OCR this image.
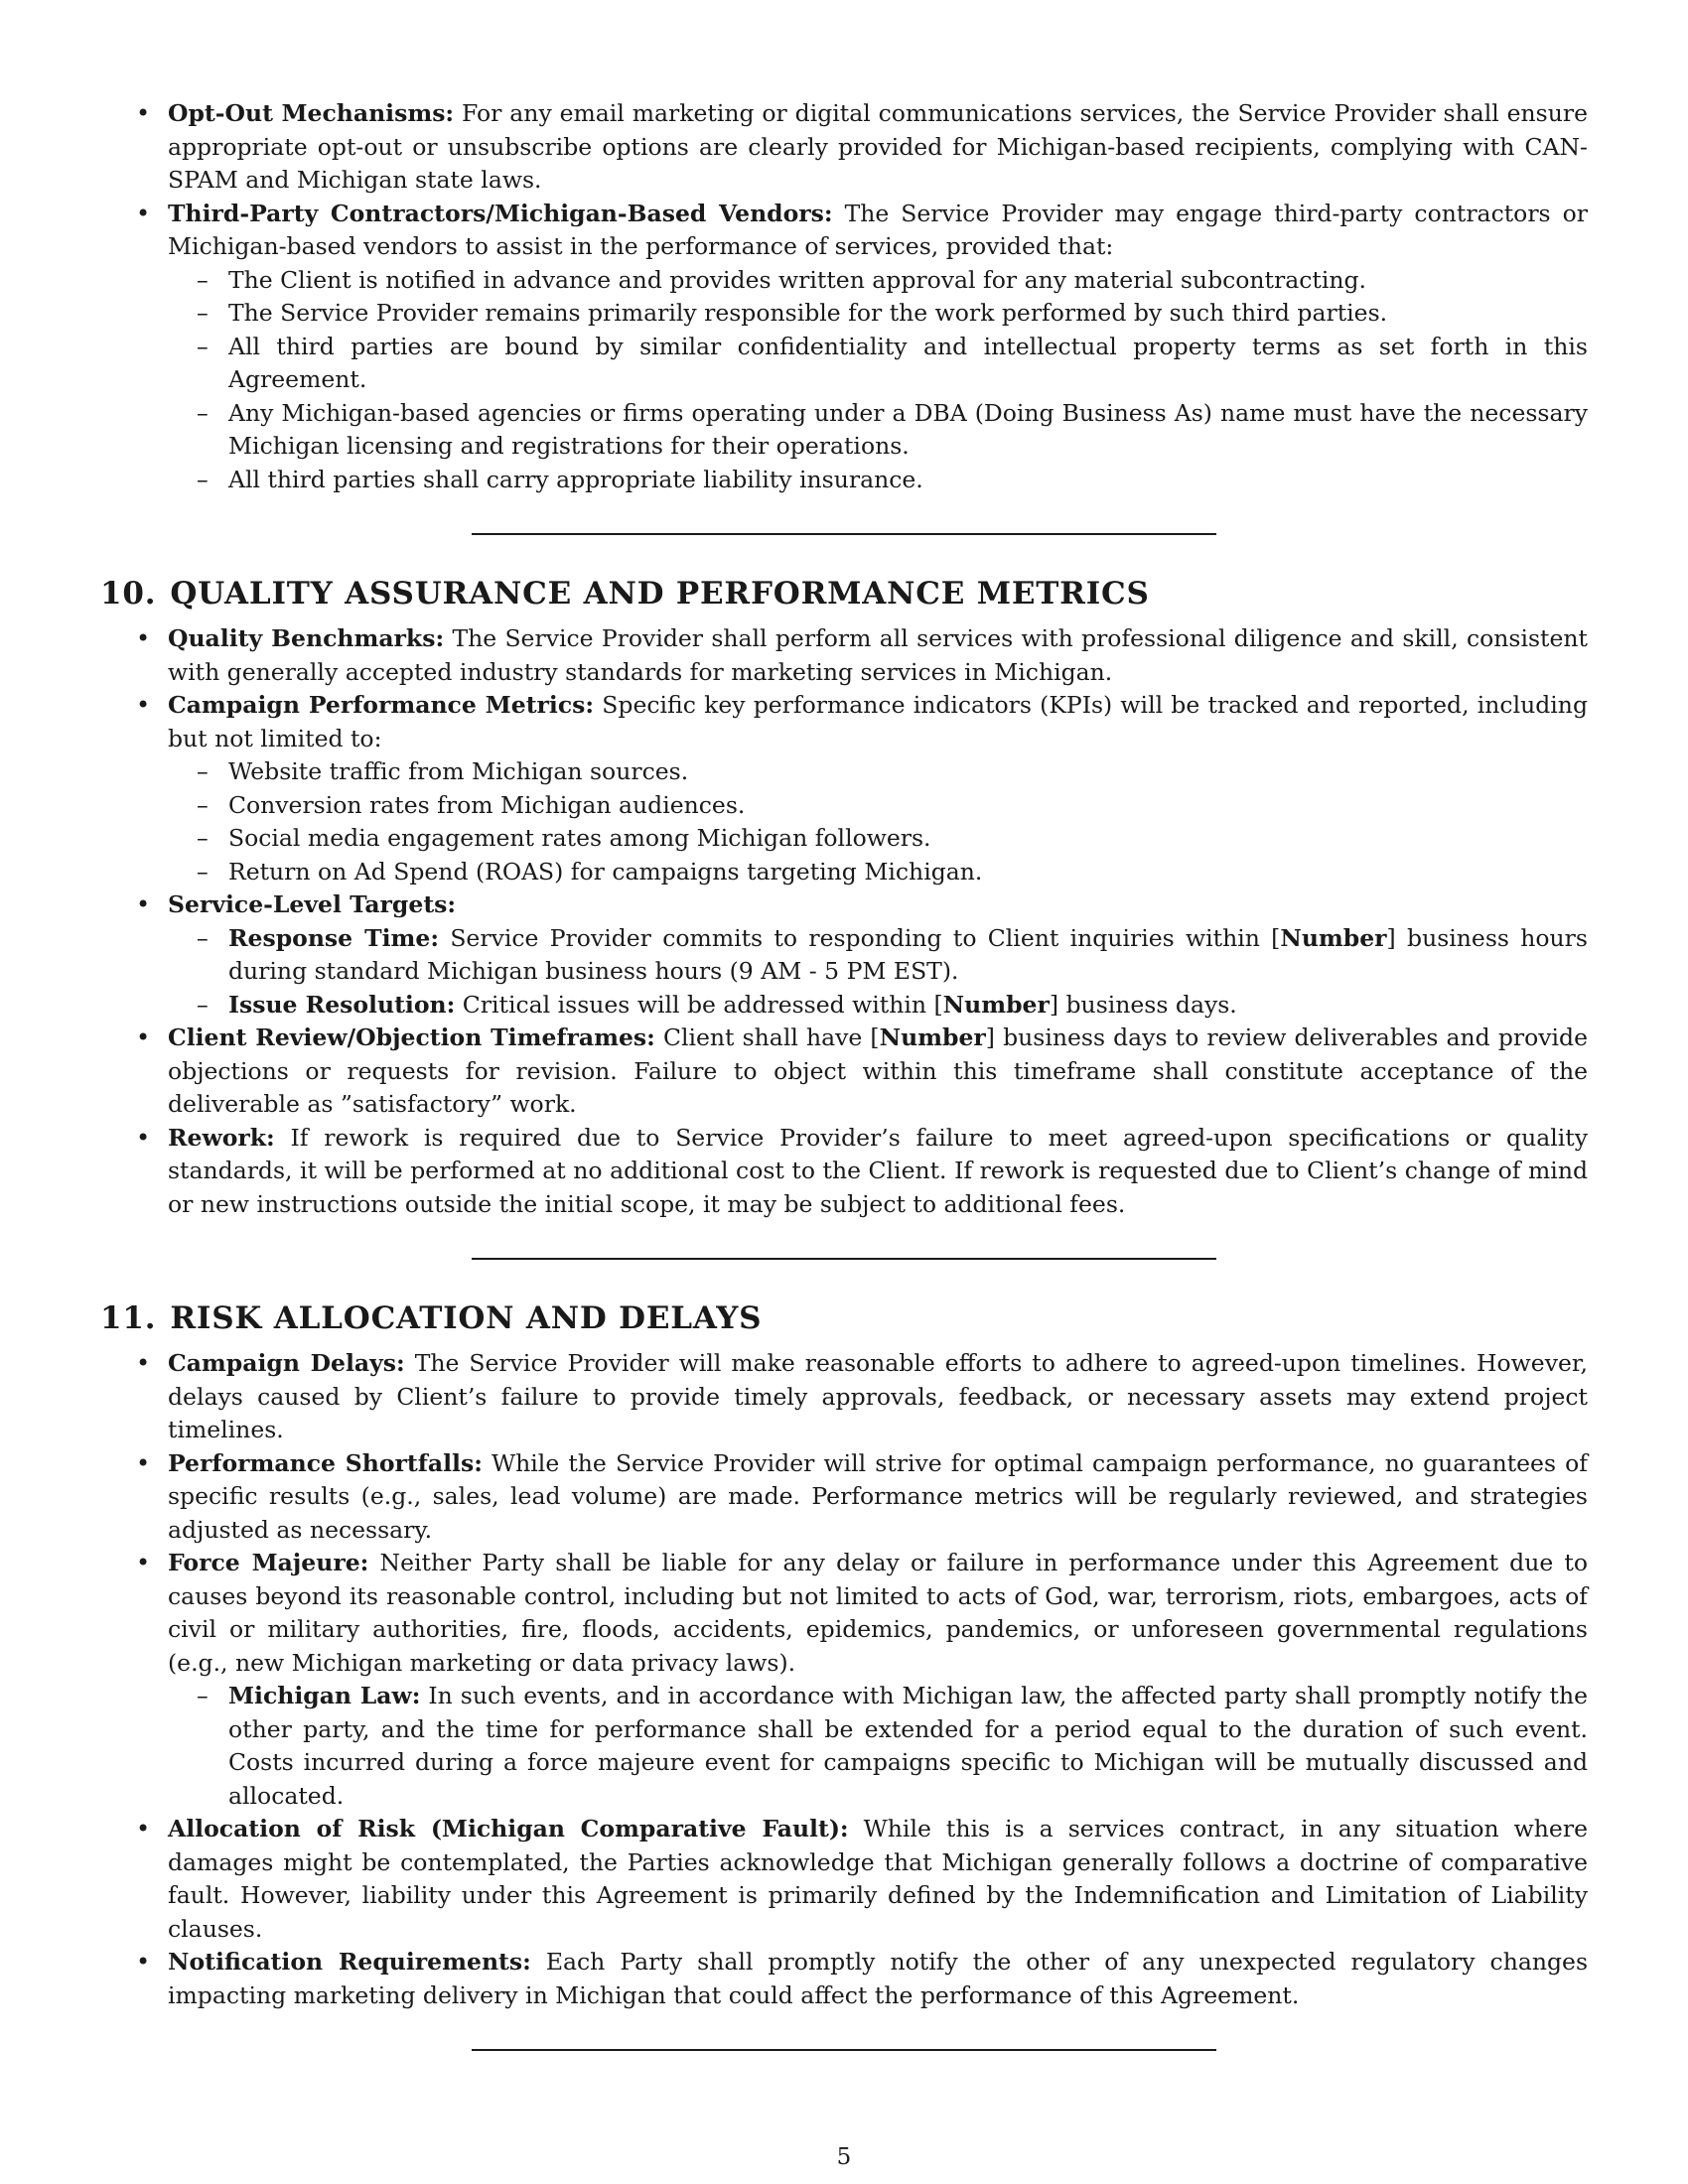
• Opt-Out Mechanisms: For any email marketing or digital communications services, the Service Provider shall ensure appropriate opt-out or unsubscribe options are clearly provided for Michigan-based recipients, complying with CAN-SPAM and Michigan state laws.
• Third-Party Contractors/Michigan-Based Vendors: The Service Provider may engage third-party contractors or Michigan-based vendors to assist in the performance of services, provided that:
– The Client is notified in advance and provides written approval for any material subcontracting.
– The Service Provider remains primarily responsible for the work performed by such third parties.
– All third parties are bound by similar confidentiality and intellectual property terms as set forth in this Agreement.
– Any Michigan-based agencies or firms operating under a DBA (Doing Business As) name must have the necessary Michigan licensing and registrations for their operations.
– All third parties shall carry appropriate liability insurance.
10. QUALITY ASSURANCE AND PERFORMANCE METRICS
• Quality Benchmarks: The Service Provider shall perform all services with professional diligence and skill, consistent with generally accepted industry standards for marketing services in Michigan.
• Campaign Performance Metrics: Specific key performance indicators (KPIs) will be tracked and reported, including but not limited to:
– Website traffic from Michigan sources.
– Conversion rates from Michigan audiences.
– Social media engagement rates among Michigan followers.
– Return on Ad Spend (ROAS) for campaigns targeting Michigan.
• Service-Level Targets:
– Response Time: Service Provider commits to responding to Client inquiries within [Number] business hours during standard Michigan business hours (9 AM - 5 PM EST).
– Issue Resolution: Critical issues will be addressed within [Number] business days.
• Client Review/Objection Timeframes: Client shall have [Number] business days to review deliverables and provide objections or requests for revision. Failure to object within this timeframe shall constitute acceptance of the deliverable as ”satisfactory” work.
• Rework: If rework is required due to Service Provider’s failure to meet agreed-upon specifications or quality standards, it will be performed at no additional cost to the Client. If rework is requested due to Client’s change of mind or new instructions outside the initial scope, it may be subject to additional fees.
11. RISK ALLOCATION AND DELAYS
• Campaign Delays: The Service Provider will make reasonable efforts to adhere to agreed-upon timelines. However, delays caused by Client’s failure to provide timely approvals, feedback, or necessary assets may extend project timelines.
• Performance Shortfalls: While the Service Provider will strive for optimal campaign performance, no guarantees of specific results (e.g., sales, lead volume) are made. Performance metrics will be regularly reviewed, and strategies adjusted as necessary.
• Force Majeure: Neither Party shall be liable for any delay or failure in performance under this Agreement due to causes beyond its reasonable control, including but not limited to acts of God, war, terrorism, riots, embargoes, acts of civil or military authorities, fire, floods, accidents, epidemics, pandemics, or unforeseen governmental regulations (e.g., new Michigan marketing or data privacy laws).
– Michigan Law: In such events, and in accordance with Michigan law, the affected party shall promptly notify the other party, and the time for performance shall be extended for a period equal to the duration of such event. Costs incurred during a force majeure event for campaigns specific to Michigan will be mutually discussed and allocated.
• Allocation of Risk (Michigan Comparative Fault): While this is a services contract, in any situation where damages might be contemplated, the Parties acknowledge that Michigan generally follows a doctrine of comparative fault. However, liability under this Agreement is primarily defined by the Indemnification and Limitation of Liability clauses.
• Notification Requirements: Each Party shall promptly notify the other of any unexpected regulatory changes impacting marketing delivery in Michigan that could affect the performance of this Agreement.
5
